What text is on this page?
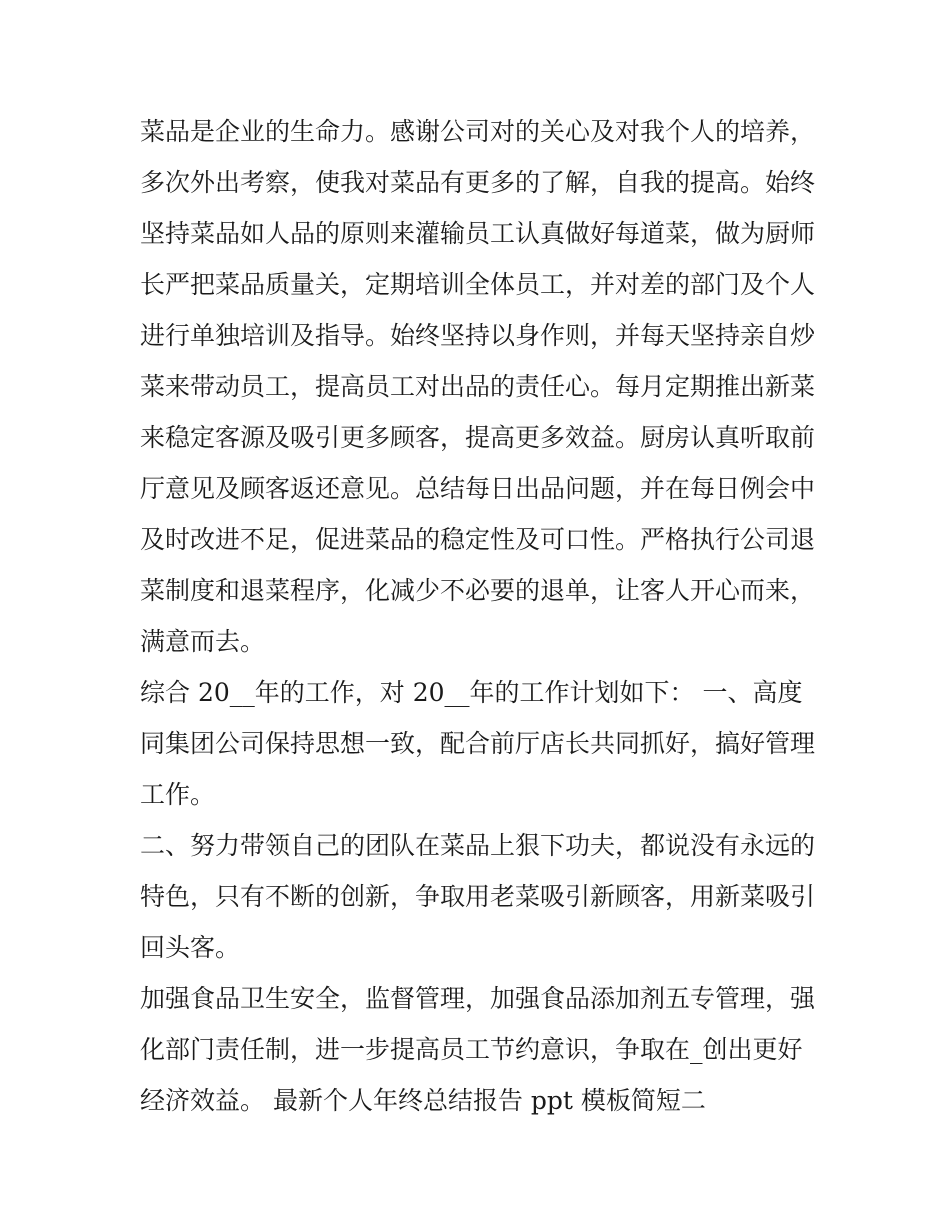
菜品是企业的生命力。感谢公司对的关心及对我个人的培养，多次外出考察，使我对菜品有更多的了解，自我的提高。始终坚持菜品如人品的原则来灌输员工认真做好每道菜，做为厨师长严把菜品质量关，定期培训全体员工，并对差的部门及个人进行单独培训及指导。始终坚持以身作则，并每天坚持亲自炒菜来带动员工，提高员工对出品的责任心。每月定期推出新菜来稳定客源及吸引更多顾客，提高更多效益。厨房认真听取前厅意见及顾客返还意见。总结每日出品问题，并在每日例会中及时改进不足，促进菜品的稳定性及可口性。严格执行公司退菜制度和退菜程序，化减少不必要的退单，让客人开心而来，满意而去。

综合 20__年的工作，对 20__年的工作计划如下： 一、高度同集团公司保持思想一致，配合前厅店长共同抓好，搞好管理工作。

二、努力带领自己的团队在菜品上狠下功夫，都说没有永远的特色，只有不断的创新，争取用老菜吸引新顾客，用新菜吸引回头客。

加强食品卫生安全，监督管理，加强食品添加剂五专管理，强化部门责任制，进一步提高员工节约意识，争取在_创出更好经济效益。 最新个人年终总结报告 ppt 模板简短二
